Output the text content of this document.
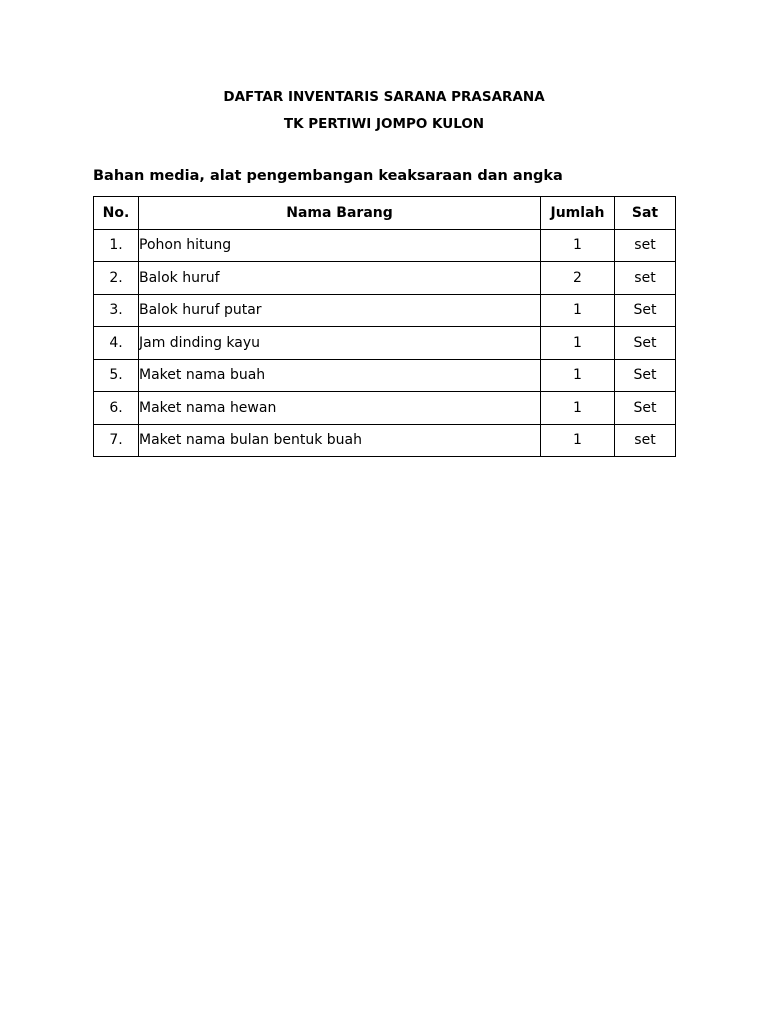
DAFTAR INVENTARIS SARANA PRASARANA
TK PERTIWI JOMPO KULON
Bahan media, alat pengembangan keaksaraan dan angka
No.	Nama Barang	Jumlah	Sat
1.	Pohon hitung	1	set
2.	Balok huruf	2	set
3.	Balok huruf putar	1	Set
4.	Jam dinding kayu	1	Set
5.	Maket nama buah	1	Set
6.	Maket nama hewan	1	Set
7.	Maket nama bulan bentuk buah	1	set
